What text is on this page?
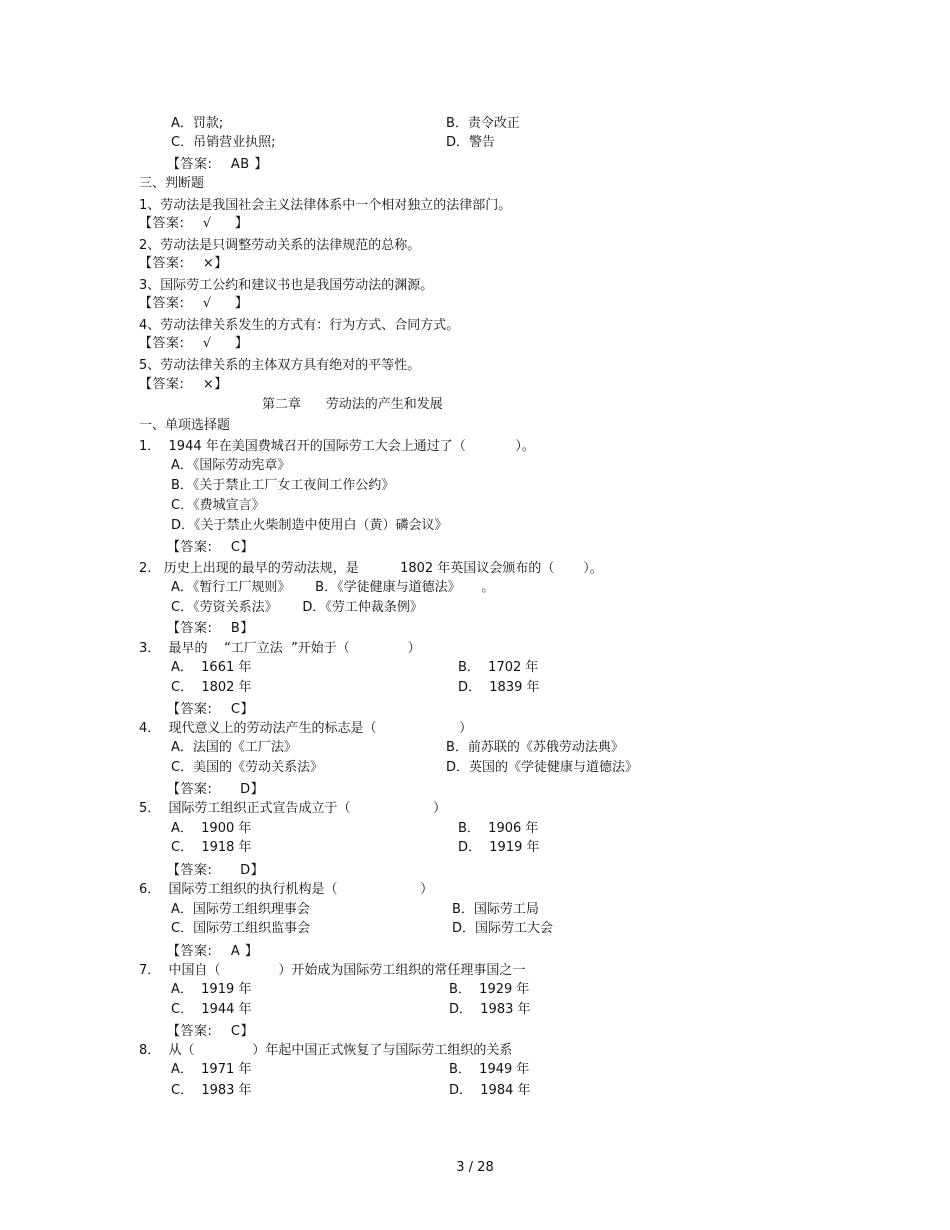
A．罚款;	B．责令改正
C．吊销营业执照;	D．警告
【答案:    AB 】
三、判断题
1、劳动法是我国社会主义法律体系中一个相对独立的法律部门。
【答案:    √     】
2、劳动法是只调整劳动关系的法律规范的总称。
【答案:    ×】
3、国际劳工公约和建议书也是我国劳动法的渊源。
【答案:    √     】
4、劳动法律关系发生的方式有：行为方式、合同方式。
【答案:    √     】
5、劳动法律关系的主体双方具有绝对的平等性。
【答案:    ×】
第二章      劳动法的产生和发展
一、单项选择题
1．  1944 年在美国费城召开的国际劳工大会上通过了（            ）。
A．《国际劳动宪章》
B．《关于禁止工厂女工夜间工作公约》
C．《费城宣言》
D．《关于禁止火柴制造中使用白（黄）磷会议》
【答案:    C】
2.   历史上出现的最早的劳动法规，是          1802 年英国议会颁布的（       ）。
A．《暂行工厂规则》      B．《学徒健康与道德法》     。
C．《劳资关系法》      D．《劳工仲裁条例》
【答案:    B】
3．  最早的    “工厂立法  ”开始于（              ）
A．  1661 年	B．  1702 年
C．  1802 年	D．  1839 年
【答案:    C】
4．  现代意义上的劳动法产生的标志是（                    ）
A．法国的《工厂法》	B．前苏联的《苏俄劳动法典》
C．美国的《劳动关系法》	D．英国的《学徒健康与道德法》
【答案:      D】
5．  国际劳工组织正式宣告成立于（                    ）
A．  1900 年	B．  1906 年
C．  1918 年	D．  1919 年
【答案:      D】
6．  国际劳工组织的执行机构是（                    ）
A．国际劳工组织理事会	B．国际劳工局
C．国际劳工组织监事会	D．国际劳工大会
【答案:    A 】
7．  中国自（              ）开始成为国际劳工组织的常任理事国之一
A．  1919 年	B．  1929 年
C．  1944 年	D．  1983 年
【答案:    C】
8．  从（              ）年起中国正式恢复了与国际劳工组织的关系
A．  1971 年	B．  1949 年
C．  1983 年	D．  1984 年
3 / 28
